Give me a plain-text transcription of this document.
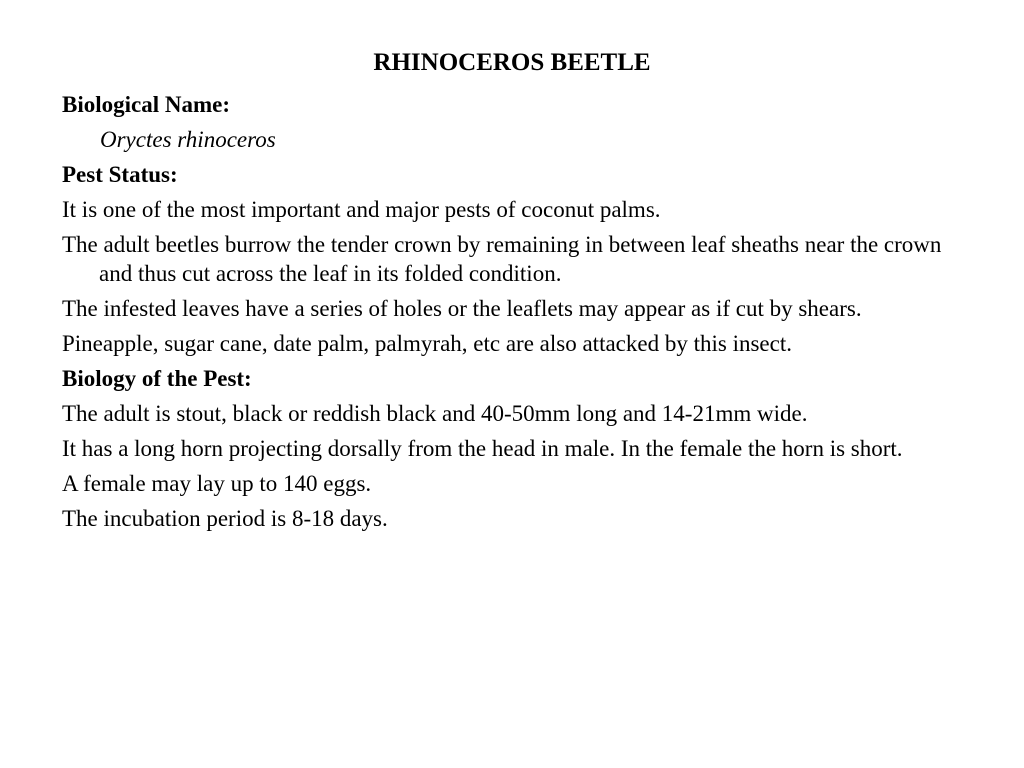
RHINOCEROS BEETLE

Biological Name:

Oryctes rhinoceros

Pest Status:

It is one of the most important and major pests of coconut palms.

The adult beetles burrow the tender crown by remaining in between leaf sheaths near the crown and thus cut across the leaf in its folded condition.

The infested leaves have a series of holes or the leaflets may appear as if cut by shears.

Pineapple, sugar cane, date palm, palmyrah, etc are also attacked by this insect.

Biology of the Pest:

The adult is stout, black or reddish black and 40-50mm long and 14-21mm wide.

It has a long horn projecting dorsally from the head in male. In the female the horn is short.

A female may lay up to 140 eggs.

The incubation period is 8-18 days.
